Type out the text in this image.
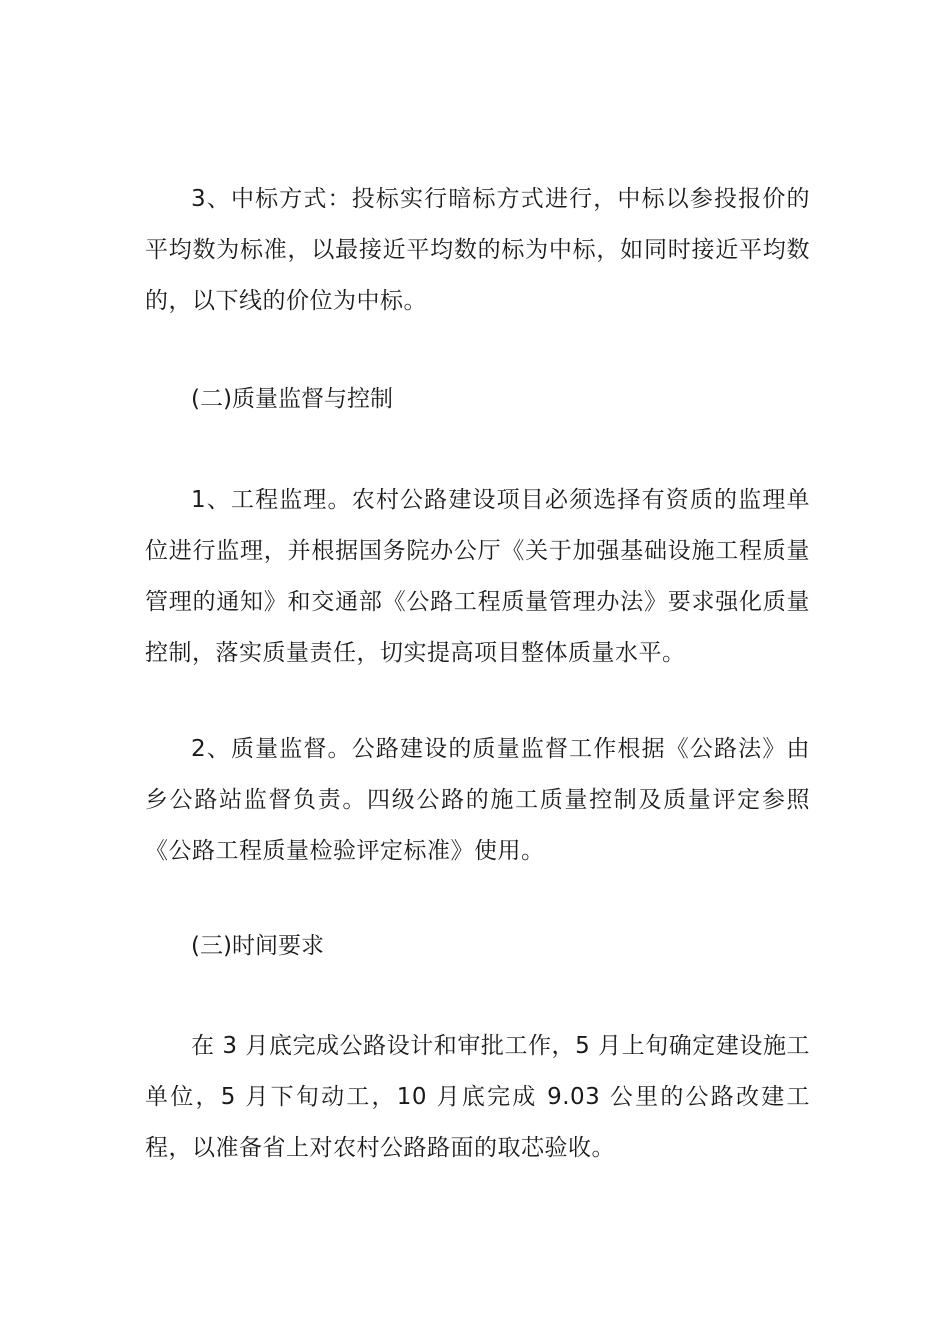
3、中标方式：投标实行暗标方式进行，中标以参投报价的平均数为标准，以最接近平均数的标为中标，如同时接近平均数的，以下线的价位为中标。

(二)质量监督与控制

1、工程监理。农村公路建设项目必须选择有资质的监理单位进行监理，并根据国务院办公厅《关于加强基础设施工程质量管理的通知》和交通部《公路工程质量管理办法》要求强化质量控制，落实质量责任，切实提高项目整体质量水平。

2、质量监督。公路建设的质量监督工作根据《公路法》由乡公路站监督负责。四级公路的施工质量控制及质量评定参照《公路工程质量检验评定标准》使用。

(三)时间要求

在 3 月底完成公路设计和审批工作，5 月上旬确定建设施工单位，5 月下旬动工，10 月底完成 9.03 公里的公路改建工程，以准备省上对农村公路路面的取芯验收。
